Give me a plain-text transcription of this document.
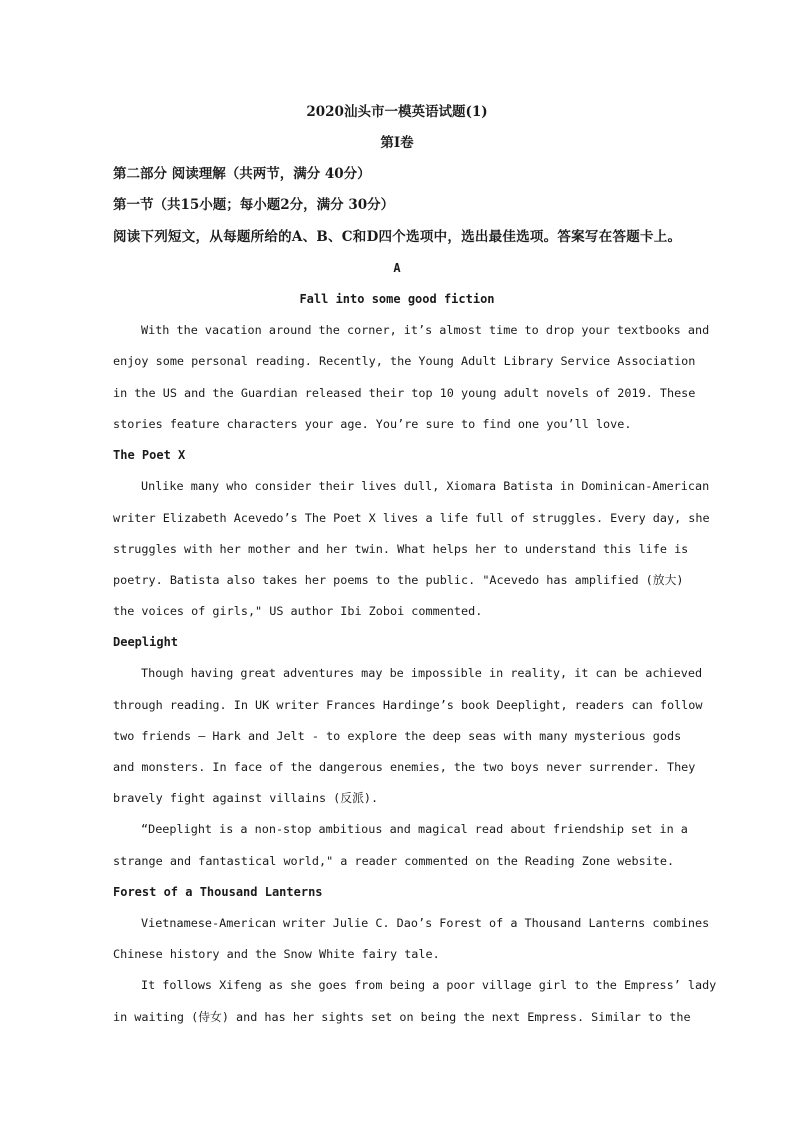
2020汕头市一模英语试题(1)
第I卷
第二部分 阅读理解（共两节，满分 40分）
第一节（共15小题；每小题2分，满分 30分）
阅读下列短文，从每题所给的A、B、C和D四个选项中，选出最佳选项。答案写在答题卡上。
A
Fall into some good fiction
With the vacation around the corner, it’s almost time to drop your textbooks and
enjoy some personal reading. Recently, the Young Adult Library Service Association
in the US and the Guardian released their top 10 young adult novels of 2019. These
stories feature characters your age. You’re sure to find one you’ll love.
The Poet X
Unlike many who consider their lives dull, Xiomara Batista in Dominican-American
writer Elizabeth Acevedo’s The Poet X lives a life full of struggles. Every day, she
struggles with her mother and her twin. What helps her to understand this life is
poetry. Batista also takes her poems to the public. "Acevedo has amplified (放大)
the voices of girls," US author Ibi Zoboi commented.
Deeplight
Though having great adventures may be impossible in reality, it can be achieved
through reading. In UK writer Frances Hardinge’s book Deeplight, readers can follow
two friends — Hark and Jelt - to explore the deep seas with many mysterious gods
and monsters. In face of the dangerous enemies, the two boys never surrender. They
bravely fight against villains (反派).
“Deeplight is a non-stop ambitious and magical read about friendship set in a
strange and fantastical world," a reader commented on the Reading Zone website.
Forest of a Thousand Lanterns
Vietnamese-American writer Julie C. Dao’s Forest of a Thousand Lanterns combines
Chinese history and the Snow White fairy tale.
It follows Xifeng as she goes from being a poor village girl to the Empress’ lady
in waiting (侍女) and has her sights set on being the next Empress. Similar to the
